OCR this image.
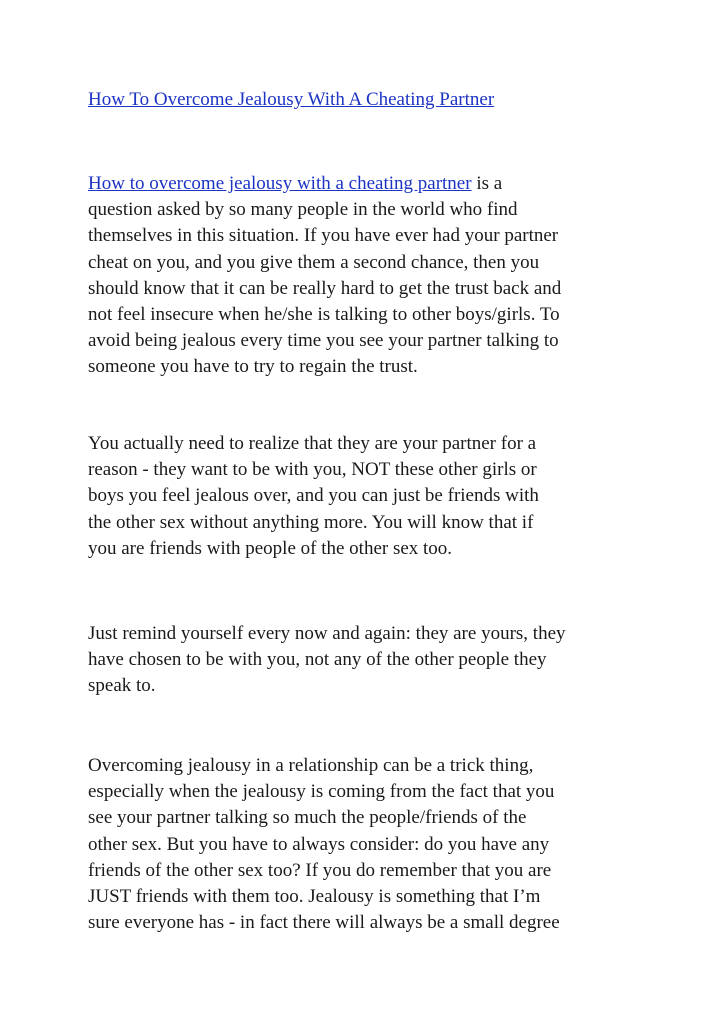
How To Overcome Jealousy With A Cheating Partner

How to overcome jealousy with a cheating partner is a
question asked by so many people in the world who find
themselves in this situation. If you have ever had your partner
cheat on you, and you give them a second chance, then you
should know that it can be really hard to get the trust back and
not feel insecure when he/she is talking to other boys/girls. To
avoid being jealous every time you see your partner talking to
someone you have to try to regain the trust.

You actually need to realize that they are your partner for a
reason - they want to be with you, NOT these other girls or
boys you feel jealous over, and you can just be friends with
the other sex without anything more. You will know that if
you are friends with people of the other sex too.

Just remind yourself every now and again: they are yours, they
have chosen to be with you, not any of the other people they
speak to.

Overcoming jealousy in a relationship can be a trick thing,
especially when the jealousy is coming from the fact that you
see your partner talking so much the people/friends of the
other sex. But you have to always consider: do you have any
friends of the other sex too? If you do remember that you are
JUST friends with them too. Jealousy is something that I’m
sure everyone has - in fact there will always be a small degree
